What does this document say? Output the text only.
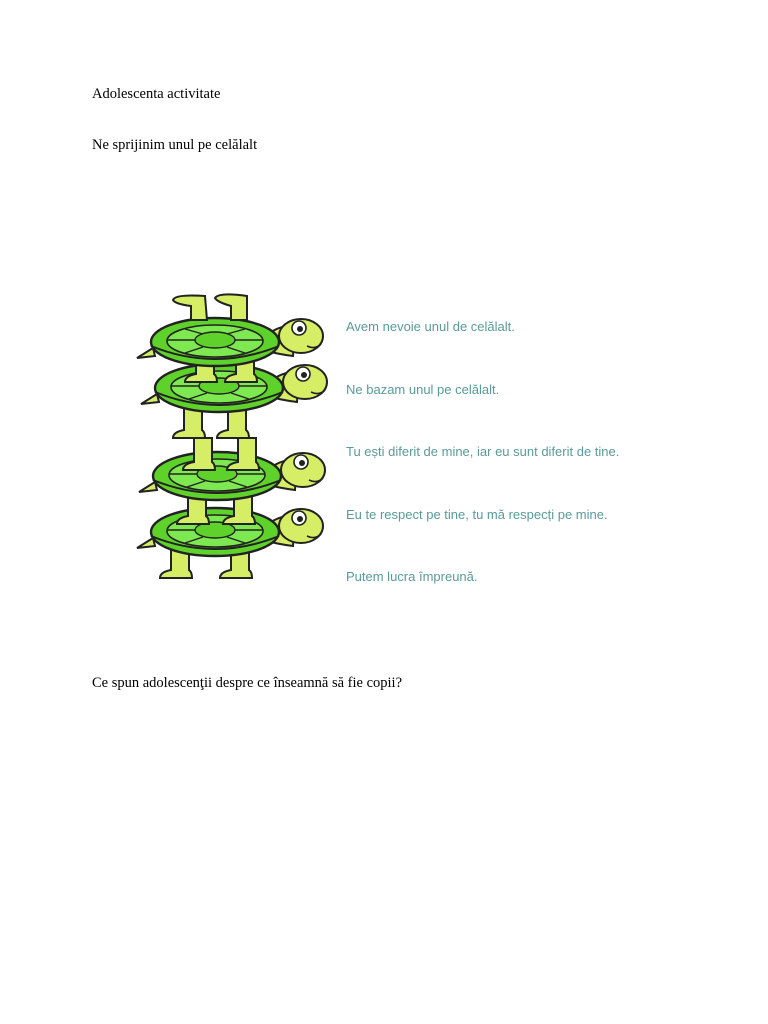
Adolescenta activitate
Ne sprijinim unul pe celălalt
Avem nevoie unul de celălalt.
Ne bazam unul pe celălalt.
Tu ești diferit de mine, iar eu sunt diferit de tine.
Eu te respect pe tine, tu mă respecți pe mine.
Putem lucra împreună.
Ce spun adolescenţii despre ce înseamnă să fie copii?
